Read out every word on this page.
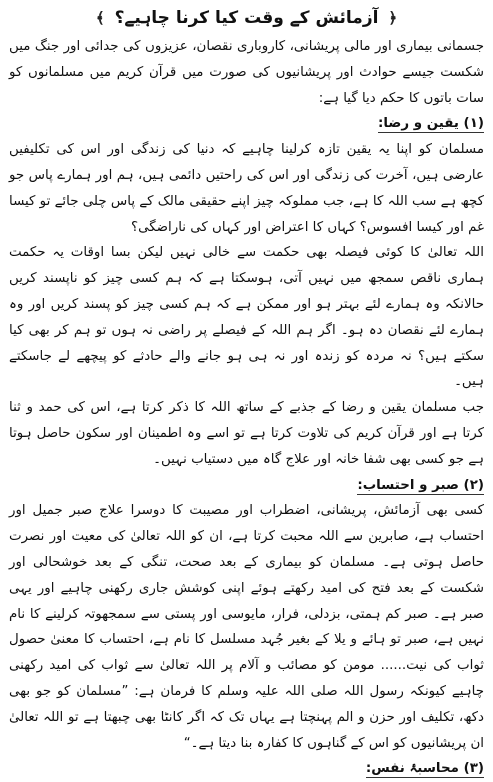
﴿ آزمائش کے وقت کیا کرنا چاہیے؟ ﴾

جسمانی بیماری اور مالی پریشانی، کاروباری نقصان، عزیزوں کی جدائی اور جنگ میں شکست جیسے حوادث اور پریشانیوں کی صورت میں قرآن کریم میں مسلمانوں کو سات باتوں کا حکم دیا گیا ہے:

(۱) یقین و رضا:

مسلمان کو اپنا یہ یقین تازہ کرلینا چاہیے کہ دنیا کی زندگی اور اس کی تکلیفیں عارضی ہیں، آخرت کی زندگی اور اس کی راحتیں دائمی ہیں، ہم اور ہمارے پاس جو کچھ ہے سب اللہ کا ہے، جب مملوکہ چیز اپنے حقیقی مالک کے پاس چلی جائے تو کیسا غم اور کیسا افسوس؟ کہاں کا اعتراض اور کہاں کی ناراضگی؟

اللہ تعالیٰ کا کوئی فیصلہ بھی حکمت سے خالی نہیں لیکن بسا اوقات یہ حکمت ہماری ناقص سمجھ میں نہیں آتی، ہوسکتا ہے کہ ہم کسی چیز کو ناپسند کریں حالانکہ وہ ہمارے لئے بہتر ہو اور ممکن ہے کہ ہم کسی چیز کو پسند کریں اور وہ ہمارے لئے نقصان دہ ہو۔ اگر ہم اللہ کے فیصلے پر راضی نہ ہوں تو ہم کر بھی کیا سکتے ہیں؟ نہ مردہ کو زندہ اور نہ ہی ہو جانے والے حادثے کو پیچھے لے جاسکتے ہیں۔

جب مسلمان یقین و رضا کے جذبے کے ساتھ اللہ کا ذکر کرتا ہے، اس کی حمد و ثنا کرتا ہے اور قرآن کریم کی تلاوت کرتا ہے تو اسے وہ اطمینان اور سکون حاصل ہوتا ہے جو کسی بھی شفا خانہ اور علاج گاہ میں دستیاب نہیں۔

(۲) صبر و احتساب:

کسی بھی آزمائش، پریشانی، اضطراب اور مصیبت کا دوسرا علاج صبر جمیل اور احتساب ہے، صابرین سے اللہ محبت کرتا ہے، ان کو اللہ تعالیٰ کی معیت اور نصرت حاصل ہوتی ہے۔ مسلمان کو بیماری کے بعد صحت، تنگی کے بعد خوشحالی اور شکست کے بعد فتح کی امید رکھتے ہوئے اپنی کوشش جاری رکھنی چاہیے اور یہی صبر ہے۔ صبر کم ہمتی، بزدلی، فرار، مایوسی اور پستی سے سمجھوتہ کرلینے کا نام نہیں ہے، صبر تو ہائے و یلا کے بغیر جُہد مسلسل کا نام ہے، احتساب کا معنیٰ حصول ثواب کی نیت...... مومن کو مصائب و آلام پر اللہ تعالیٰ سے ثواب کی امید رکھنی چاہیے کیونکہ رسول اللہ صلی اللہ علیہ وسلم کا فرمان ہے: ”مسلمان کو جو بھی دکھ، تکلیف اور حزن و الم پہنچتا ہے یہاں تک کہ اگر کانٹا بھی چبھتا ہے تو اللہ تعالیٰ ان پریشانیوں کو اس کے گناہوں کا کفارہ بنا دیتا ہے۔“

(۳) محاسبۂ نفس:
